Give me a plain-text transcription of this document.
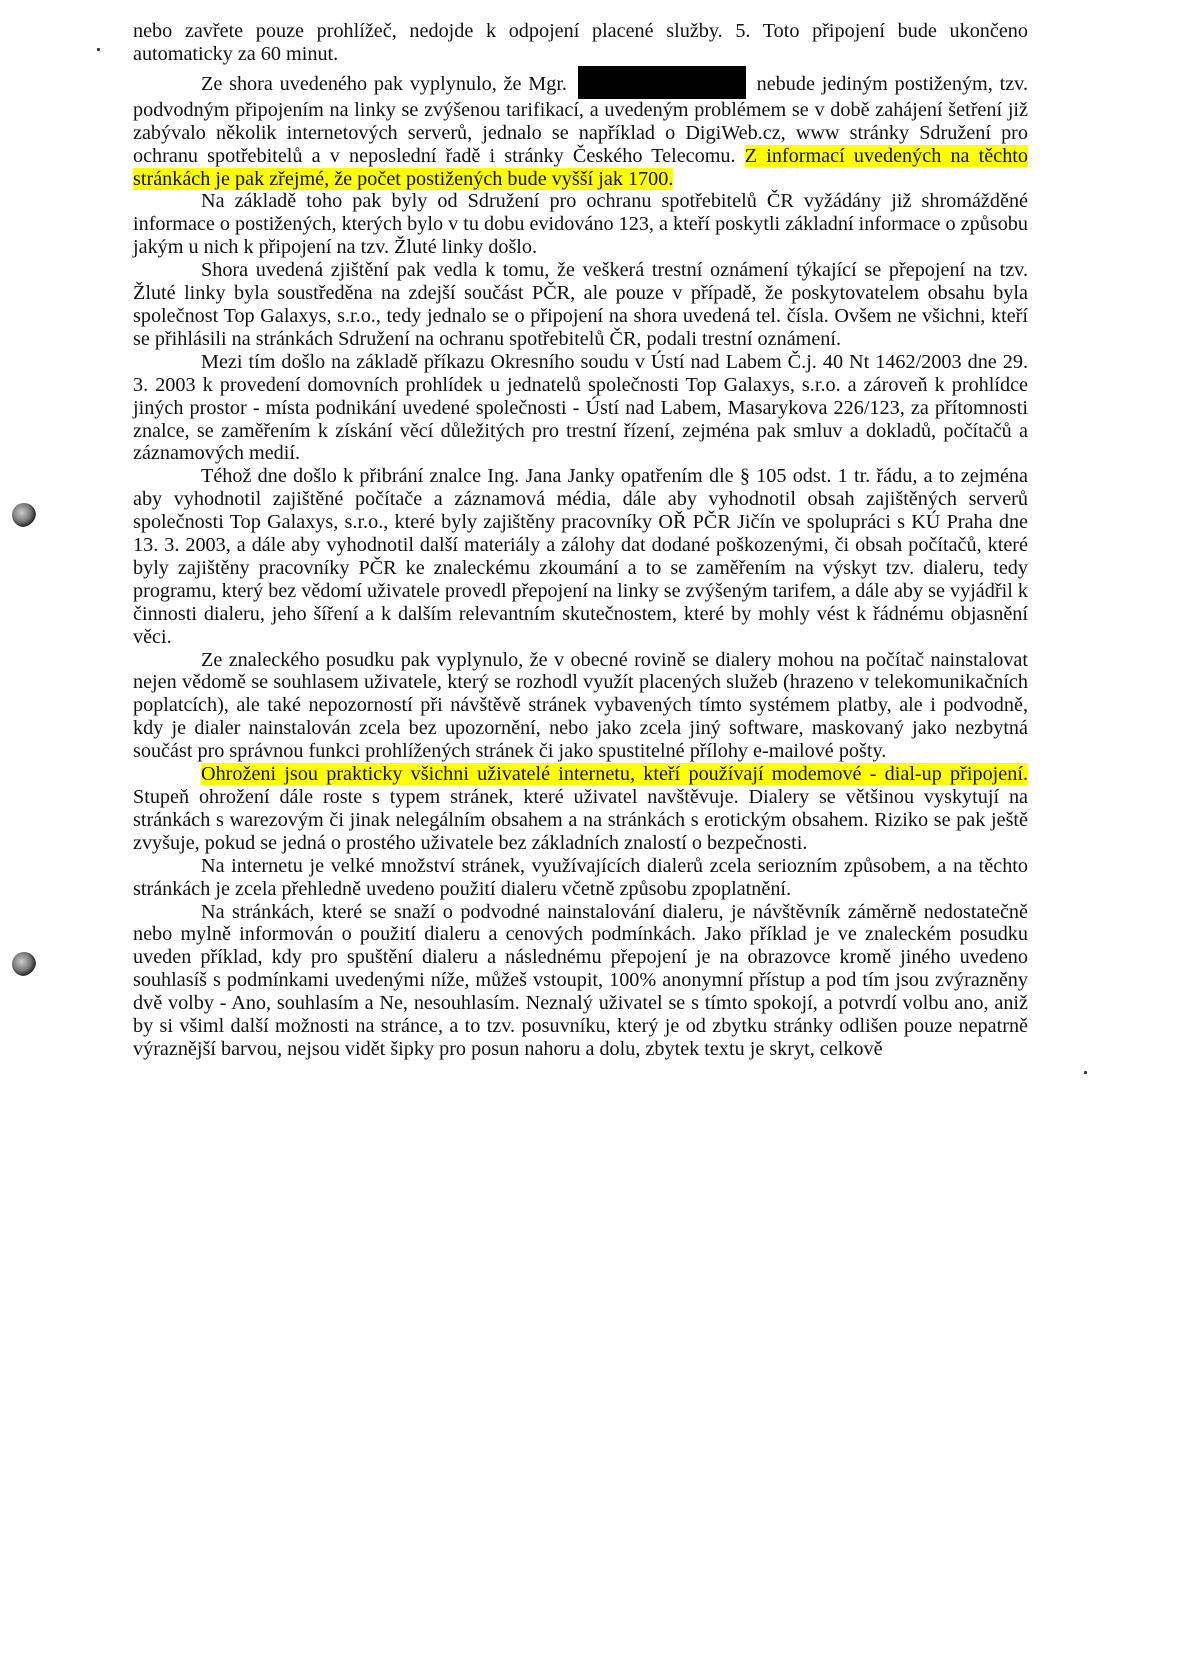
nebo zavřete pouze prohlížeč, nedojde k odpojení placené služby. 5. Toto připojení bude ukončeno automaticky za 60 minut.

Ze shora uvedeného pak vyplynulo, že Mgr.	nebude jediným postiženým, tzv. podvodným připojením na linky se zvýšenou tarifikací, a uvedeným problémem se v době zahájení šetření již zabývalo několik internetových serverů, jednalo se například o DigiWeb.cz, www stránky Sdružení pro ochranu spotřebitelů a v neposlední řadě i stránky Českého Telecomu. Z informací uvedených na těchto stránkách je pak zřejmé, že počet postižených bude vyšší jak 1700.

Na základě toho pak byly od Sdružení pro ochranu spotřebitelů ČR vyžádány již shromážděné informace o postižených, kterých bylo v tu dobu evidováno 123, a kteří poskytli základní informace o způsobu jakým u nich k připojení na tzv. Žluté linky došlo.

Shora uvedená zjištění pak vedla k tomu, že veškerá trestní oznámení týkající se přepojení na tzv. Žluté linky byla soustředěna na zdejší součást PČR, ale pouze v případě, že poskytovatelem obsahu byla společnost Top Galaxys, s.r.o., tedy jednalo se o připojení na shora uvedená tel. čísla. Ovšem ne všichni, kteří se přihlásili na stránkách Sdružení na ochranu spotřebitelů ČR, podali trestní oznámení.

Mezi tím došlo na základě příkazu Okresního soudu v Ústí nad Labem Č.j. 40 Nt 1462/2003 dne 29. 3. 2003 k provedení domovních prohlídek u jednatelů společnosti Top Galaxys, s.r.o. a zároveň k prohlídce jiných prostor - místa podnikání uvedené společnosti - Ústí nad Labem, Masarykova 226/123, za přítomnosti znalce, se zaměřením k získání věcí důležitých pro trestní řízení, zejména pak smluv a dokladů, počítačů a záznamových medií.

Téhož dne došlo k přibrání znalce Ing. Jana Janky opatřením dle § 105 odst. 1 tr. řádu, a to zejména aby vyhodnotil zajištěné počítače a záznamová média, dále aby vyhodnotil obsah zajištěných serverů společnosti Top Galaxys, s.r.o., které byly zajištěny pracovníky OŘ PČR Jičín ve spolupráci s KÚ Praha dne 13. 3. 2003, a dále aby vyhodnotil další materiály a zálohy dat dodané poškozenými, či obsah počítačů, které byly zajištěny pracovníky PČR ke znaleckému zkoumání a to se zaměřením na výskyt tzv. dialeru, tedy programu, který bez vědomí uživatele provedl přepojení na linky se zvýšeným tarifem, a dále aby se vyjádřil k činnosti dialeru, jeho šíření a k dalším relevantním skutečnostem, které by mohly vést k řádnému objasnění věci.

Ze znaleckého posudku pak vyplynulo, že v obecné rovině se dialery mohou na počítač nainstalovat nejen vědomě se souhlasem uživatele, který se rozhodl využít placených služeb (hrazeno v telekomunikačních poplatcích), ale také nepozorností při návštěvě stránek vybavených tímto systémem platby, ale i podvodně, kdy je dialer nainstalován zcela bez upozornění, nebo jako zcela jiný software, maskovaný jako nezbytná součást pro správnou funkci prohlížených stránek či jako spustitelné přílohy e-mailové pošty.

Ohroženi jsou prakticky všichni uživatelé internetu, kteří používají modemové - dial-up připojení. Stupeň ohrožení dále roste s typem stránek, které uživatel navštěvuje. Dialery se většinou vyskytují na stránkách s warezovým či jinak nelegálním obsahem a na stránkách s erotickým obsahem. Riziko se pak ještě zvyšuje, pokud se jedná o prostého uživatele bez základních znalostí o bezpečnosti.

Na internetu je velké množství stránek, využívajících dialerů zcela seriozním způsobem, a na těchto stránkách je zcela přehledně uvedeno použití dialeru včetně způsobu zpoplatnění.

Na stránkách, které se snaží o podvodné nainstalování dialeru, je návštěvník záměrně nedostatečně nebo mylně informován o použití dialeru a cenových podmínkách. Jako příklad je ve znaleckém posudku uveden příklad, kdy pro spuštění dialeru a následnému přepojení je na obrazovce kromě jiného uvedeno souhlasíš s podmínkami uvedenými níže, můžeš vstoupit, 100% anonymní přístup a pod tím jsou zvýrazněny dvě volby - Ano, souhlasím a Ne, nesouhlasím. Neznalý uživatel se s tímto spokojí, a potvrdí volbu ano, aniž by si všiml další možnosti na stránce, a to tzv. posuvníku, který je od zbytku stránky odlišen pouze nepatrně výraznější barvou, nejsou vidět šipky pro posun nahoru a dolu, zbytek textu je skryt, celkově
